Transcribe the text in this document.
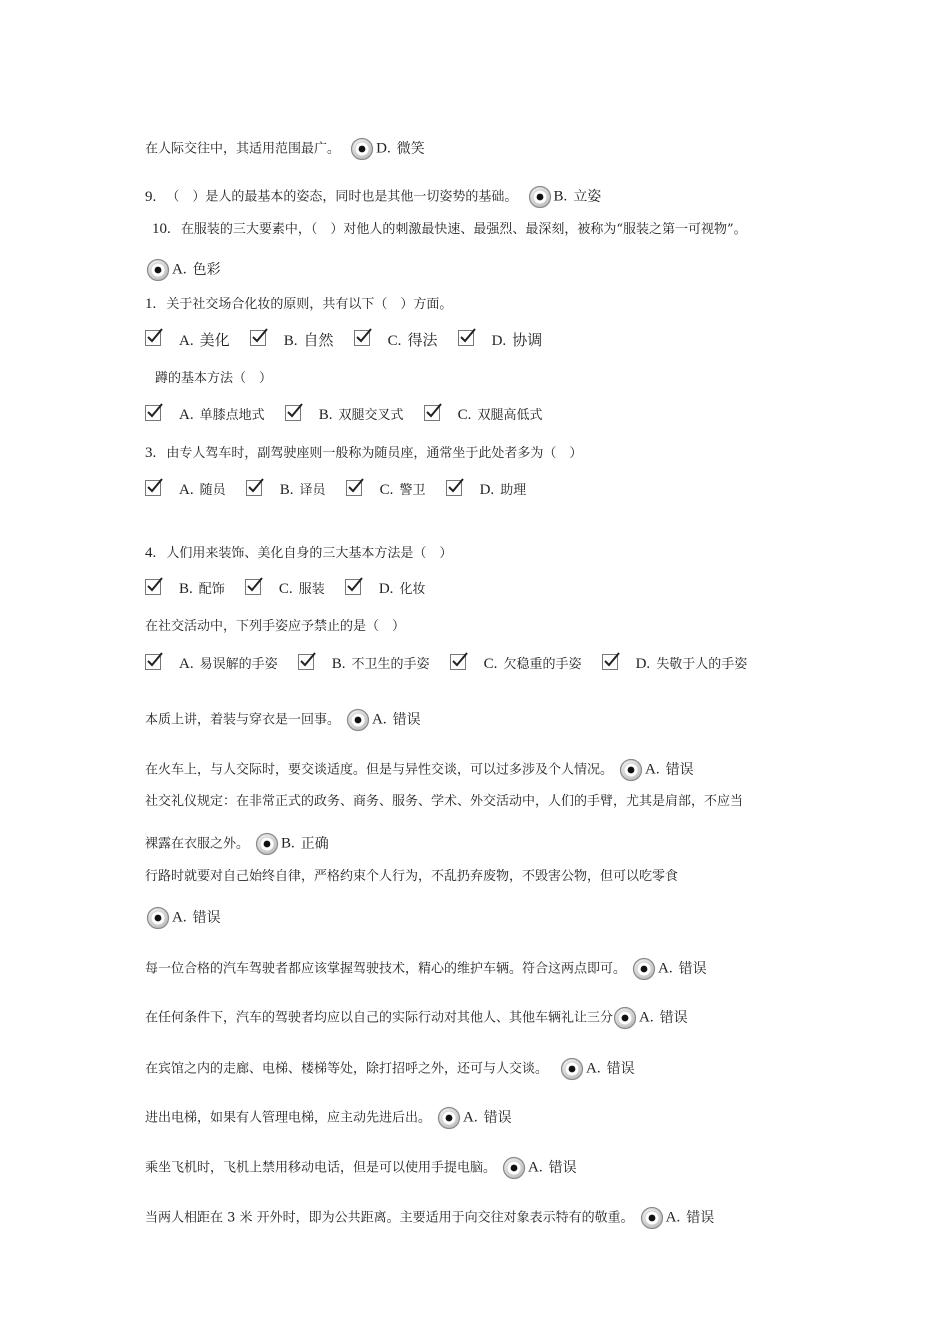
在人际交往中，其适用范围最广。 D. 微笑
9. （　）是人的最基本的姿态，同时也是其他一切姿势的基础。 B. 立姿
10. 在服装的三大要素中，（　）对他人的刺激最快速、最强烈、最深刻，被称为“服装之第一可视物”。
A. 色彩
1. 关于社交场合化妆的原则，共有以下（　）方面。
A. 美化	B. 自然	C. 得法	D. 协调
蹲的基本方法（　）
A. 单膝点地式	B. 双腿交叉式	C. 双腿高低式
3. 由专人驾车时，副驾驶座则一般称为随员座，通常坐于此处者多为（　）
A. 随员	B. 译员	C. 警卫	D. 助理
4. 人们用来装饰、美化自身的三大基本方法是（　）
B. 配饰	C. 服装	D. 化妆
在社交活动中，下列手姿应予禁止的是（　）
A. 易误解的手姿	B. 不卫生的手姿	C. 欠稳重的手姿	D. 失敬于人的手姿
本质上讲，着装与穿衣是一回事。 A. 错误
在火车上，与人交际时，要交谈适度。但是与异性交谈，可以过多涉及个人情况。 A. 错误
社交礼仪规定：在非常正式的政务、商务、服务、学术、外交活动中，人们的手臂，尤其是肩部，不应当
裸露在衣服之外。 B. 正确
行路时就要对自己始终自律，严格约束个人行为，不乱扔弃废物，不毁害公物，但可以吃零食
A. 错误
每一位合格的汽车驾驶者都应该掌握驾驶技术，精心的维护车辆。符合这两点即可。 A. 错误
在任何条件下，汽车的驾驶者均应以自己的实际行动对其他人、其他车辆礼让三分 A. 错误
在宾馆之内的走廊、电梯、楼梯等处，除打招呼之外，还可与人交谈。	A. 错误
进出电梯，如果有人管理电梯，应主动先进后出。 A. 错误
乘坐飞机时，飞机上禁用移动电话，但是可以使用手提电脑。 A. 错误
当两人相距在 3 米 开外时，即为公共距离。主要适用于向交往对象表示特有的敬重。 A. 错误
